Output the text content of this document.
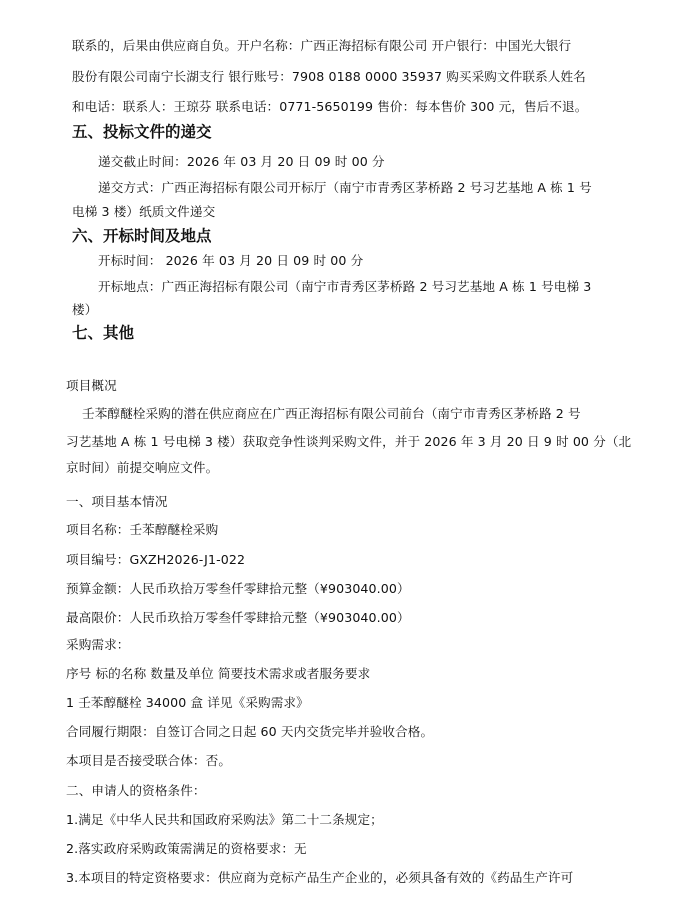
联系的，后果由供应商自负。开户名称：广西正海招标有限公司 开户银行：中国光大银行
股份有限公司南宁长湖支行 银行账号：7908 0188 0000 35937 购买采购文件联系人姓名
和电话：联系人：王琼芬 联系电话：0771-5650199 售价：每本售价 300 元，售后不退。
五、投标文件的递交
递交截止时间：2026 年 03 月 20 日 09 时 00 分
递交方式：广西正海招标有限公司开标厅（南宁市青秀区茅桥路 2 号习艺基地 A 栋 1 号
电梯 3 楼）纸质文件递交
六、开标时间及地点
开标时间： 2026 年 03 月 20 日 09 时 00 分
开标地点：广西正海招标有限公司（南宁市青秀区茅桥路 2 号习艺基地 A 栋 1 号电梯 3
楼）
七、其他
项目概况
壬苯醇醚栓采购的潜在供应商应在广西正海招标有限公司前台（南宁市青秀区茅桥路 2 号
习艺基地 A 栋 1 号电梯 3 楼）获取竞争性谈判采购文件，并于 2026 年 3 月 20 日 9 时 00 分（北
京时间）前提交响应文件。
一、项目基本情况
项目名称：壬苯醇醚栓采购
项目编号：GXZH2026-J1-022
预算金额：人民币玖拾万零叁仟零肆拾元整（¥903040.00）
最高限价：人民币玖拾万零叁仟零肆拾元整（¥903040.00）
采购需求：
序号 标的名称 数量及单位 简要技术需求或者服务要求
1 壬苯醇醚栓 34000 盒 详见《采购需求》
合同履行期限：自签订合同之日起 60 天内交货完毕并验收合格。
本项目是否接受联合体：否。
二、申请人的资格条件：
1.满足《中华人民共和国政府采购法》第二十二条规定；
2.落实政府采购政策需满足的资格要求：无
3.本项目的特定资格要求：供应商为竞标产品生产企业的，必须具备有效的《药品生产许可
